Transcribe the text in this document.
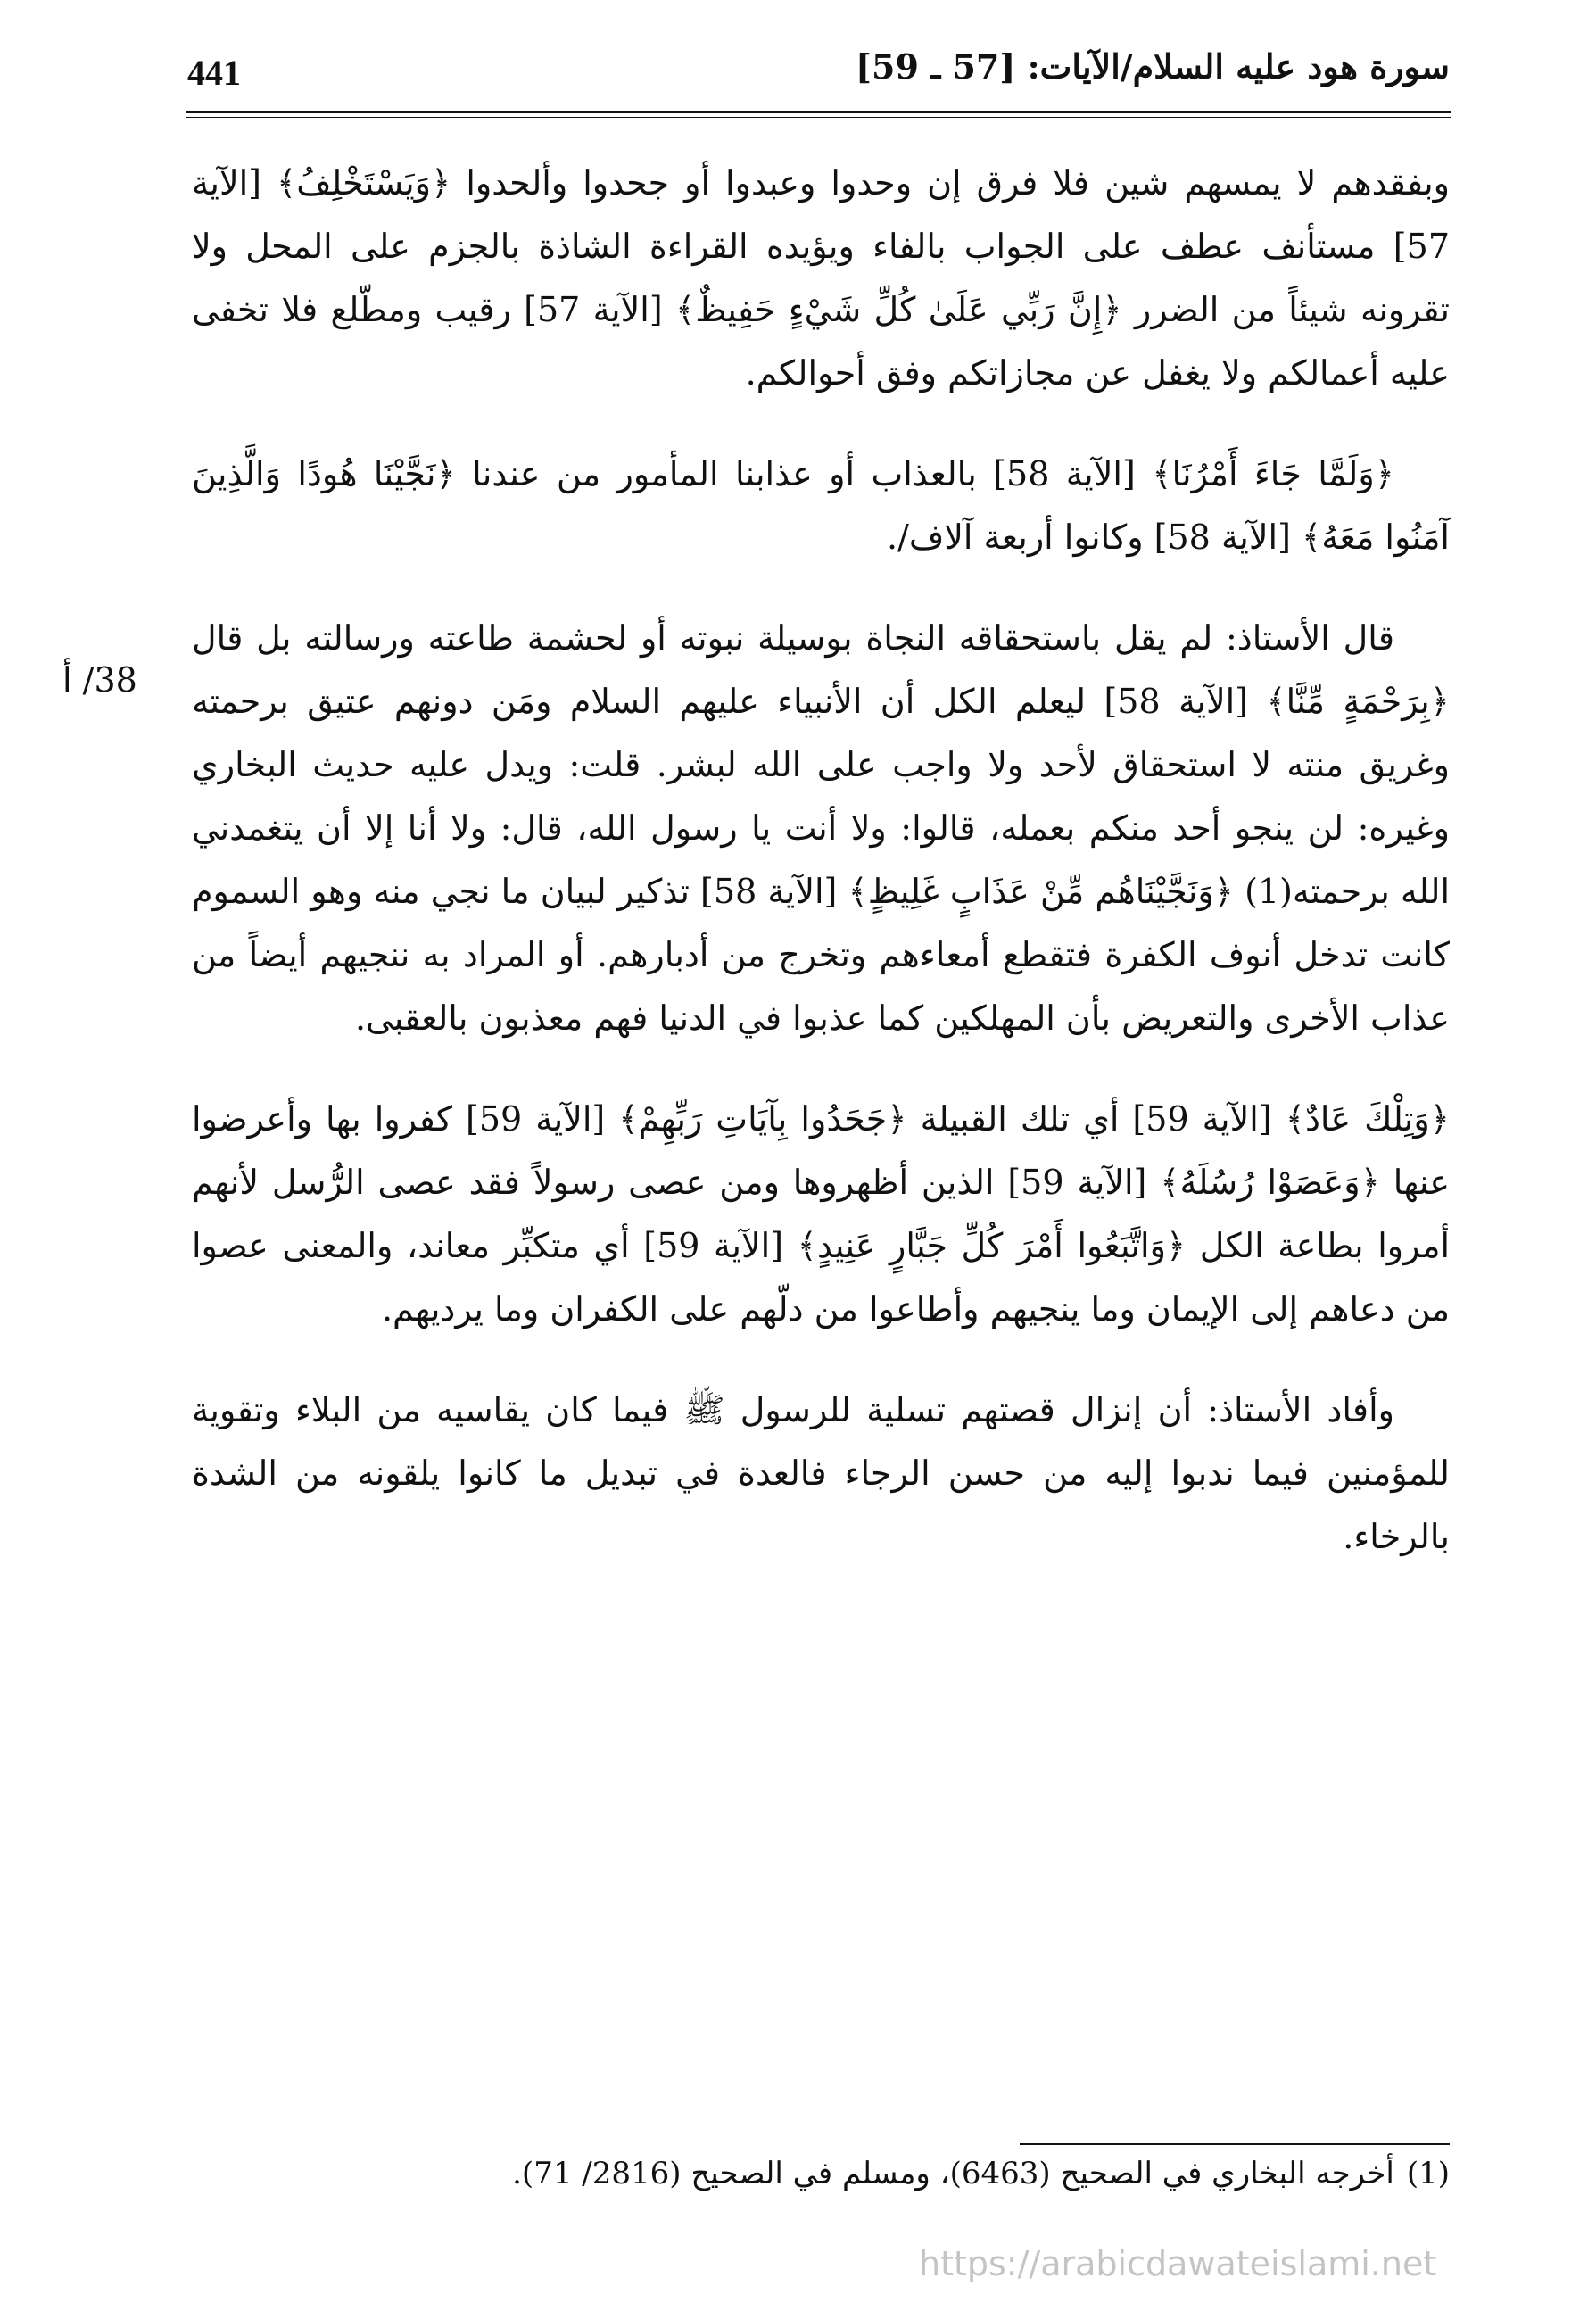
441	سورة هود عليه السلام/الآيات: [57 ـ 59]
38/ أ

وبفقدهم لا يمسهم شين فلا فرق إن وحدوا وعبدوا أو جحدوا وألحدوا ﴿وَيَسْتَخْلِفُ﴾ [الآية 57] مستأنف عطف على الجواب بالفاء ويؤيده القراءة الشاذة بالجزم على المحل ولا تقرونه شيئاً من الضرر ﴿إِنَّ رَبِّي عَلَىٰ كُلِّ شَيْءٍ حَفِيظٌ﴾ [الآية 57] رقيب ومطّلع فلا تخفى عليه أعمالكم ولا يغفل عن مجازاتكم وفق أحوالكم.

﴿وَلَمَّا جَاءَ أَمْرُنَا﴾ [الآية 58] بالعذاب أو عذابنا المأمور من عندنا ﴿نَجَّيْنَا هُودًا وَالَّذِينَ آمَنُوا مَعَهُ﴾ [الآية 58] وكانوا أربعة آلاف/.

قال الأستاذ: لم يقل باستحقاقه النجاة بوسيلة نبوته أو لحشمة طاعته ورسالته بل قال ﴿بِرَحْمَةٍ مِّنَّا﴾ [الآية 58] ليعلم الكل أن الأنبياء عليهم السلام ومَن دونهم عتيق برحمته وغريق منته لا استحقاق لأحد ولا واجب على الله لبشر. قلت: ويدل عليه حديث البخاري وغيره: لن ينجو أحد منكم بعمله، قالوا: ولا أنت يا رسول الله، قال: ولا أنا إلا أن يتغمدني الله برحمته(1) ﴿وَنَجَّيْنَاهُم مِّنْ عَذَابٍ غَلِيظٍ﴾ [الآية 58] تذكير لبيان ما نجي منه وهو السموم كانت تدخل أنوف الكفرة فتقطع أمعاءهم وتخرج من أدبارهم. أو المراد به ننجيهم أيضاً من عذاب الأخرى والتعريض بأن المهلكين كما عذبوا في الدنيا فهم معذبون بالعقبى.

﴿وَتِلْكَ عَادٌ﴾ [الآية 59] أي تلك القبيلة ﴿جَحَدُوا بِآيَاتِ رَبِّهِمْ﴾ [الآية 59] كفروا بها وأعرضوا عنها ﴿وَعَصَوْا رُسُلَهُ﴾ [الآية 59] الذين أظهروها ومن عصى رسولاً فقد عصى الرُّسل لأنهم أمروا بطاعة الكل ﴿وَاتَّبَعُوا أَمْرَ كُلِّ جَبَّارٍ عَنِيدٍ﴾ [الآية 59] أي متكبِّر معاند، والمعنى عصوا من دعاهم إلى الإيمان وما ينجيهم وأطاعوا من دلّهم على الكفران وما يرديهم.

وأفاد الأستاذ: أن إنزال قصتهم تسلية للرسول ﷺ فيما كان يقاسيه من البلاء وتقوية للمؤمنين فيما ندبوا إليه من حسن الرجاء فالعدة في تبديل ما كانوا يلقونه من الشدة بالرخاء.

(1)أخرجه البخاري في الصحيح (6463)، ومسلم في الصحيح (2816/ 71).
https://arabicdawateislami.net
